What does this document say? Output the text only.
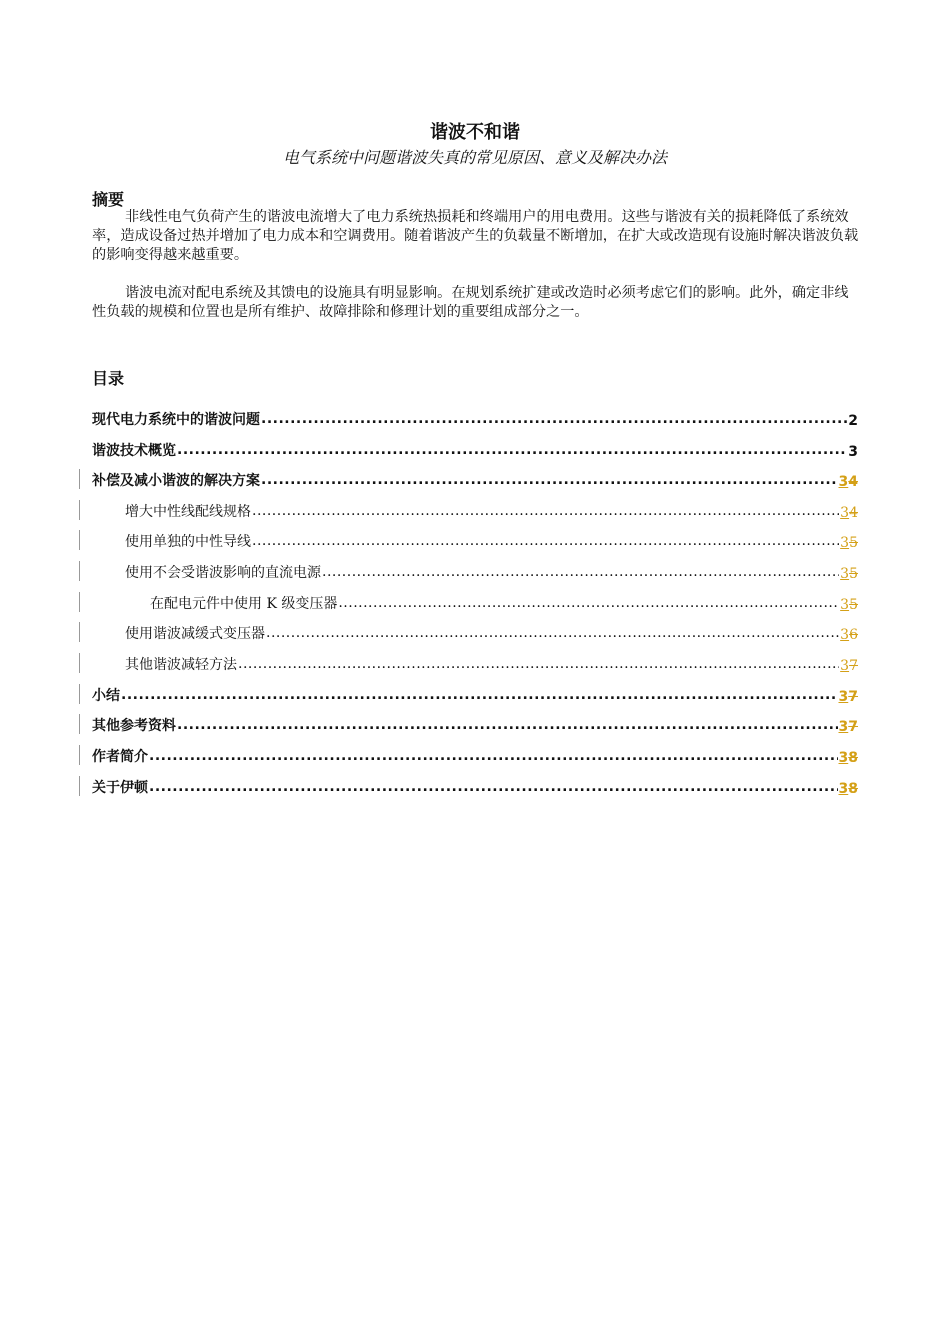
谐波不和谐
电气系统中问题谐波失真的常见原因、意义及解决办法
摘要

非线性电气负荷产生的谐波电流增大了电力系统热损耗和终端用户的用电费用。这些与谐波有关的损耗降低了系统效率，造成设备过热并增加了电力成本和空调费用。随着谐波产生的负载量不断增加，在扩大或改造现有设施时解决谐波负载的影响变得越来越重要。

谐波电流对配电系统及其馈电的设施具有明显影响。在规划系统扩建或改造时必须考虑它们的影响。此外，确定非线性负载的规模和位置也是所有维护、故障排除和修理计划的重要组成部分之一。

目录
现代电力系统中的谐波问题 .....	2
谐波技术概览 .....	3
补偿及减小谐波的解决方案 .....	34
增大中性线配线规格 .....	34
使用单独的中性导线 .....	35
使用不会受谐波影响的直流电源 .....	35
在配电元件中使用 K 级变压器 .....	35
使用谐波减缓式变压器 .....	36
其他谐波减轻方法 .....	37
小结 .....	37
其他参考资料 .....	37
作者简介 .....	38
关于伊顿 .....	38
